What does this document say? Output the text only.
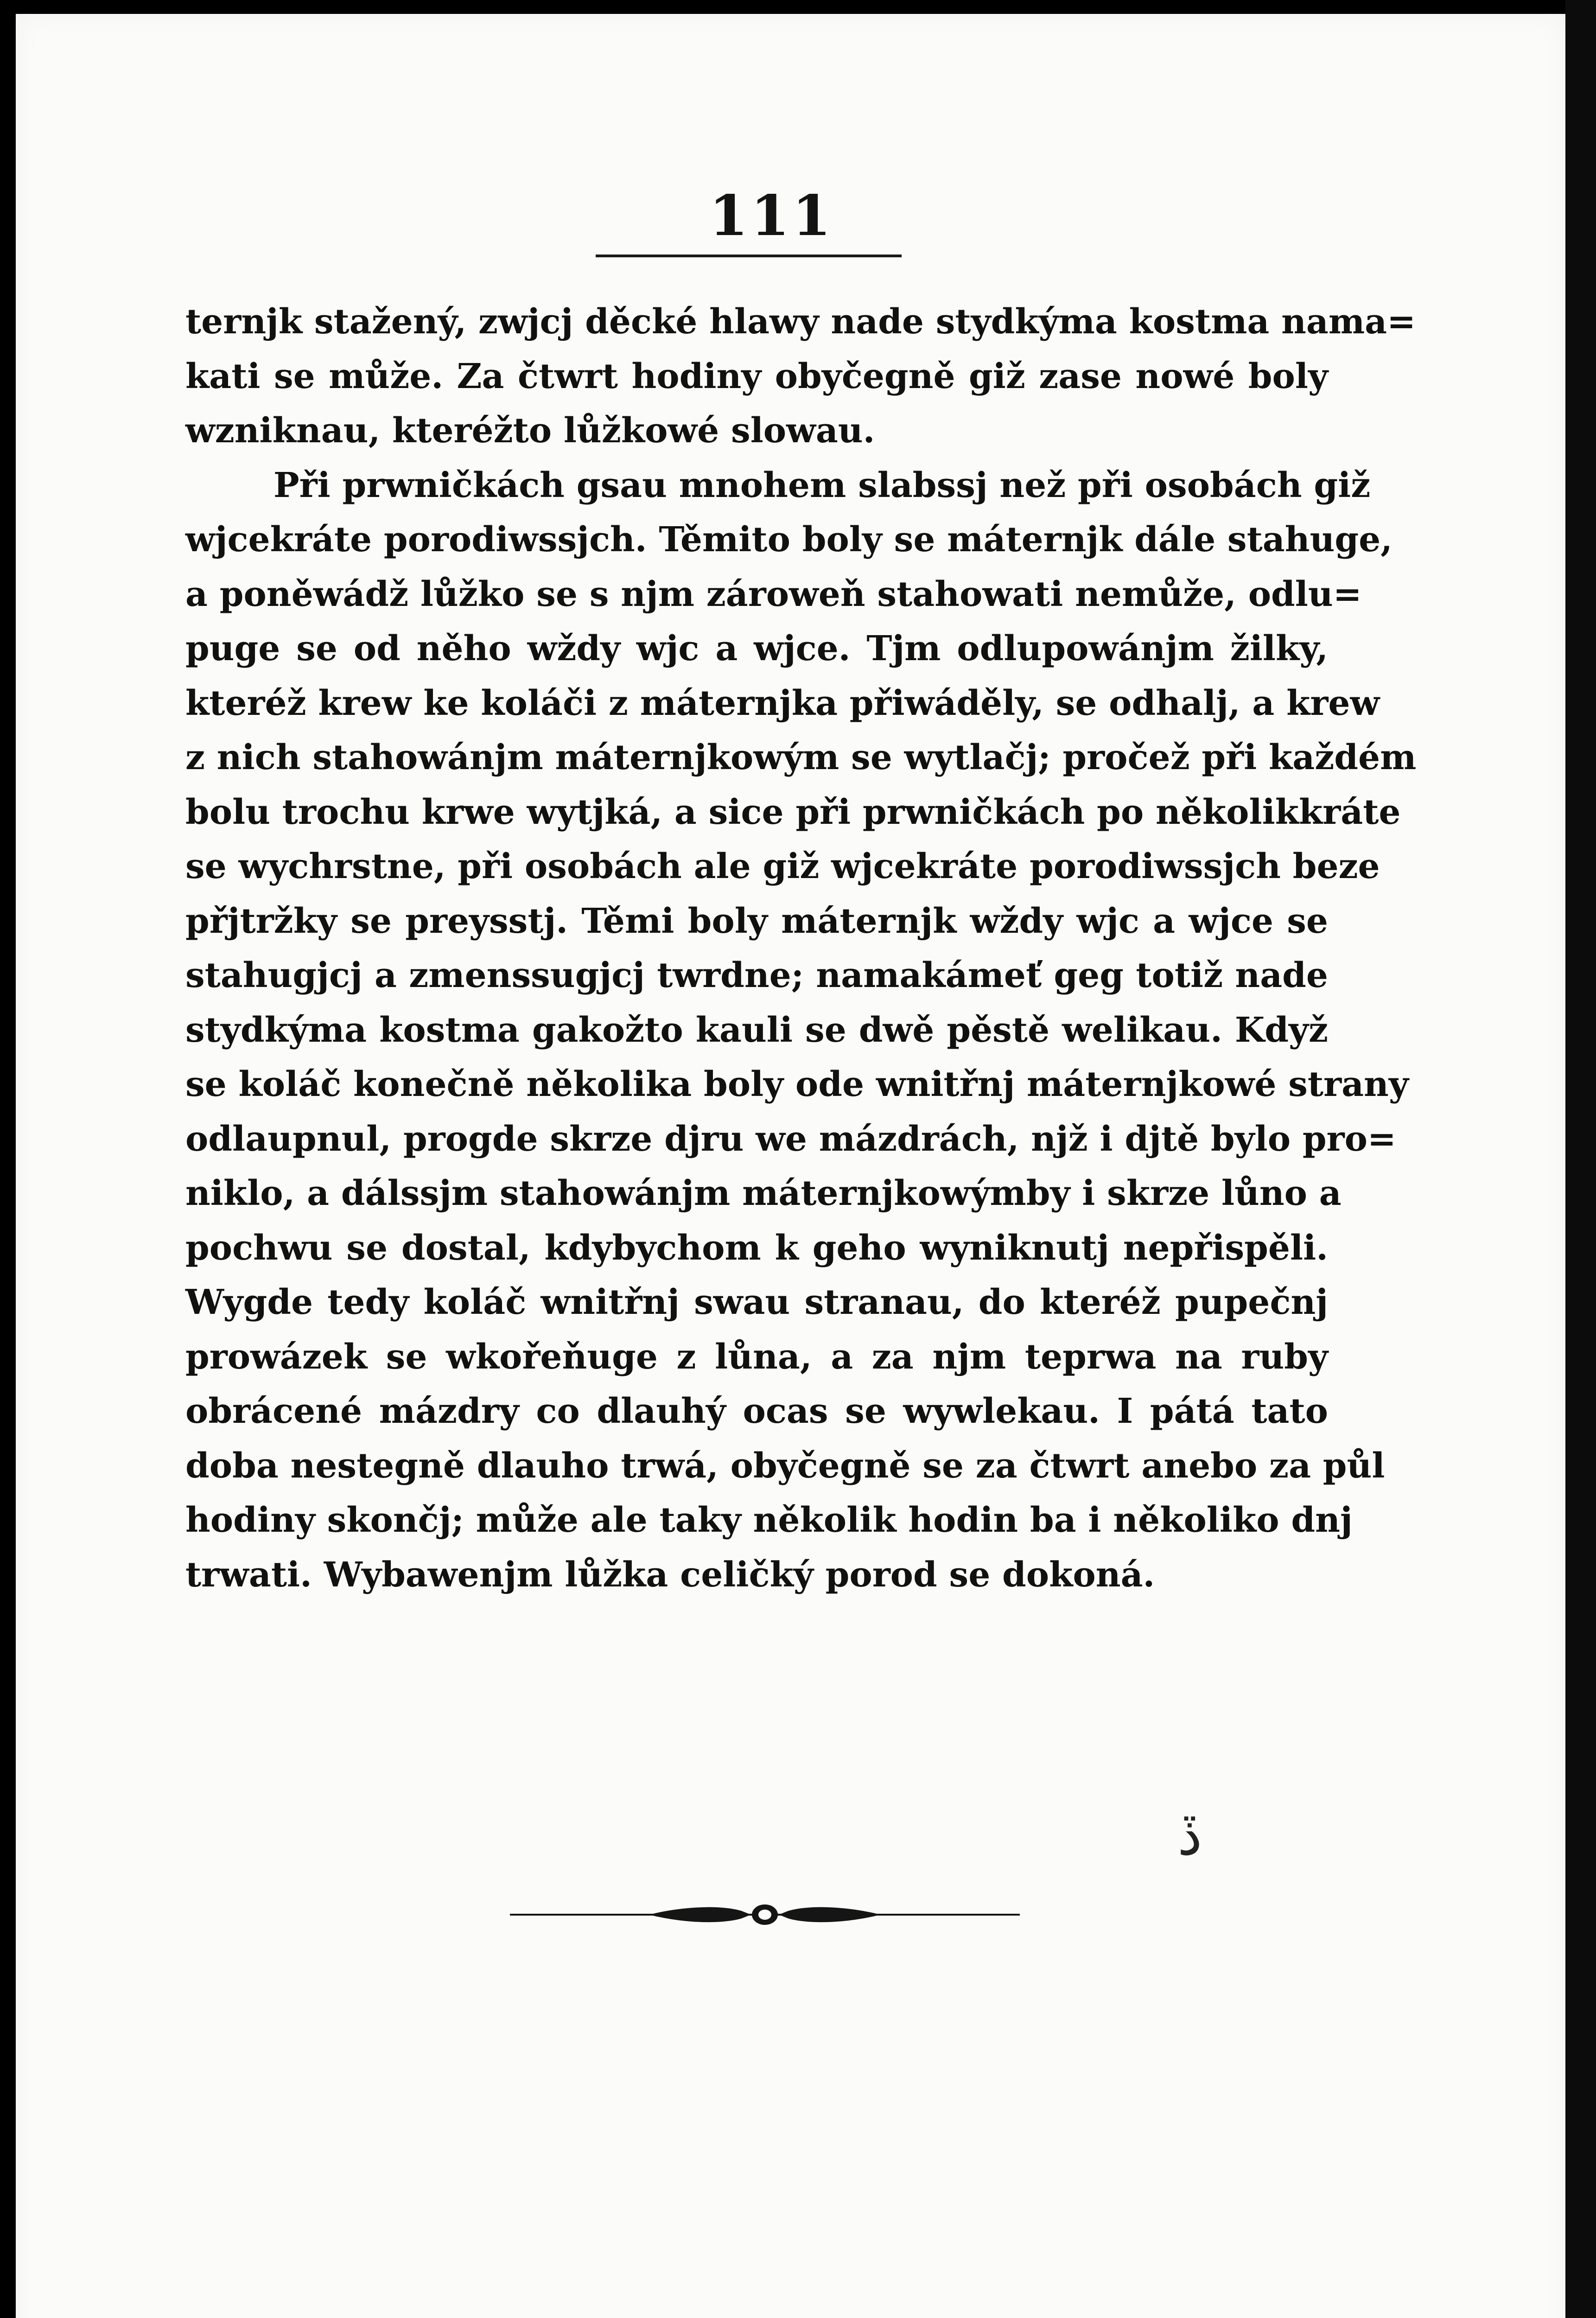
111
ternjk stažený, zwjcj děcké hlawy nade stydkýma kostma nama=
kati se může. Za čtwrt hodiny obyčegně giž zase nowé boly
wzniknau, kteréžto lůžkowé slowau.
Při prwničkách gsau mnohem slabssj než při osobách giž
wjcekráte porodiwssjch. Těmito boly se máternjk dále stahuge,
a poněwádž lůžko se s njm zároweň stahowati nemůže, odlu=
puge se od něho wždy wjc a wjce. Tjm odlupowánjm žilky,
kteréž krew ke koláči z máternjka přiwáděly, se odhalj, a krew
z nich stahowánjm máternjkowým se wytlačj; pročež při každém
bolu trochu krwe wytjká, a sice při prwničkách po několikkráte
se wychrstne, při osobách ale giž wjcekráte porodiwssjch beze
přjtržky se preysstj. Těmi boly máternjk wždy wjc a wjce se
stahugjcj a zmenssugjcj twrdne; namakámeť geg totiž nade
stydkýma kostma gakožto kauli se dwě pěstě welikau. Když
se koláč konečně několika boly ode wnitřnj máternjkowé strany
odlaupnul, progde skrze djru we mázdrách, njž i djtě bylo pro=
niklo, a dálssjm stahowánjm máternjkowýmby i skrze lůno a
pochwu se dostal, kdybychom k geho wyniknutj nepřispěli.
Wygde tedy koláč wnitřnj swau stranau, do kteréž pupečnj
prowázek se wkořeňuge z lůna, a za njm teprwa na ruby
obrácené mázdry co dlauhý ocas se wywlekau. I pátá tato
doba nestegně dlauho trwá, obyčegně se za čtwrt anebo za půl
hodiny skončj; může ale taky několik hodin ba i několiko dnj
trwati. Wybawenjm lůžka celičký porod se dokoná.
ڏ
